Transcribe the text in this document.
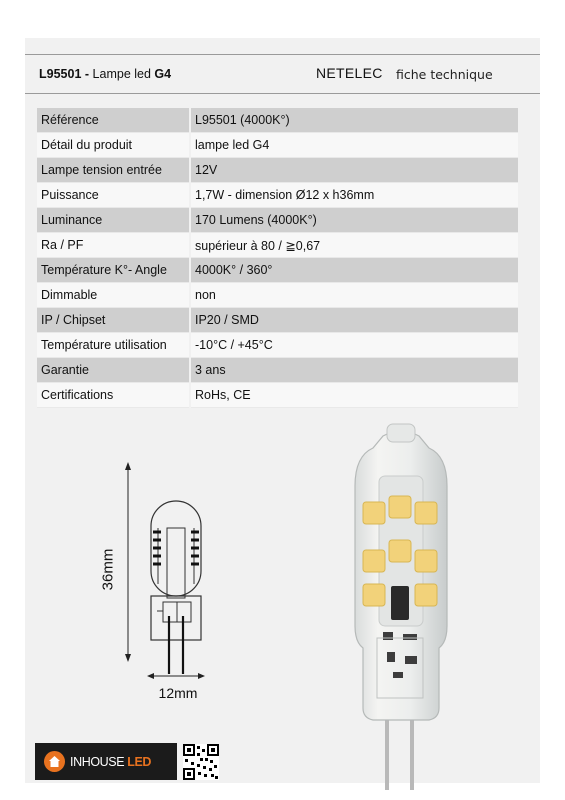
L95501 - Lampe led G4	NETELEC fiche technique
Référence	L95501 (4000K°)
Détail du produit	lampe led G4
Lampe tension entrée	12V
Puissance	1,7W - dimension Ø12 x h36mm
Luminance	170 Lumens (4000K°)
Ra / PF	supérieur à 80 / ≧0,67
Température K°- Angle	4000K° / 360°
Dimmable	non
IP / Chipset	IP20 / SMD
Température utilisation	-10°C / +45°C
Garantie	3 ans
Certifications	RoHs, CE
36mm
12mm
INHOUSE LED
